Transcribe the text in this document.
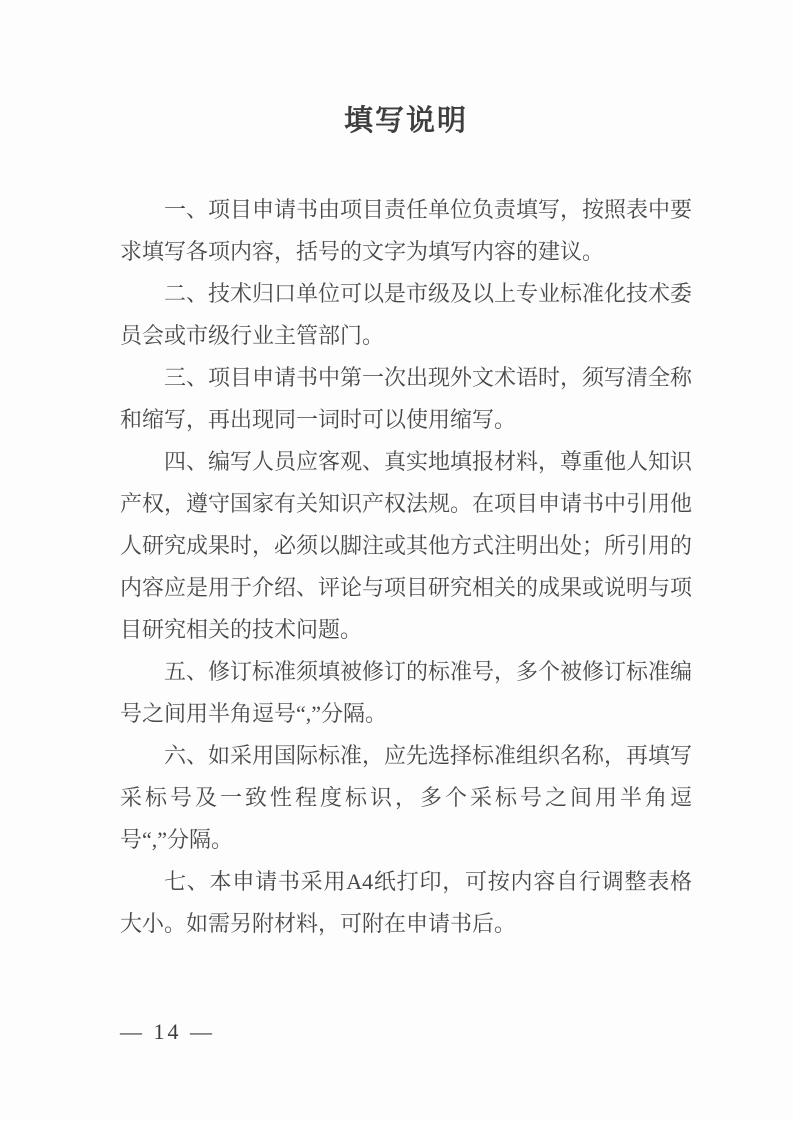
填写说明

一、项目申请书由项目责任单位负责填写，按照表中要求填写各项内容，括号的文字为填写内容的建议。

二、技术归口单位可以是市级及以上专业标准化技术委员会或市级行业主管部门。

三、项目申请书中第一次出现外文术语时，须写清全称和缩写，再出现同一词时可以使用缩写。

四、编写人员应客观、真实地填报材料，尊重他人知识产权，遵守国家有关知识产权法规。在项目申请书中引用他人研究成果时，必须以脚注或其他方式注明出处；所引用的内容应是用于介绍、评论与项目研究相关的成果或说明与项目研究相关的技术问题。

五、修订标准须填被修订的标准号，多个被修订标准编号之间用半角逗号“,”分隔。

六、如采用国际标准，应先选择标准组织名称，再填写采标号及一致性程度标识，多个采标号之间用半角逗号“,”分隔。

七、本申请书采用A4纸打印，可按内容自行调整表格大小。如需另附材料，可附在申请书后。

— 14 —
